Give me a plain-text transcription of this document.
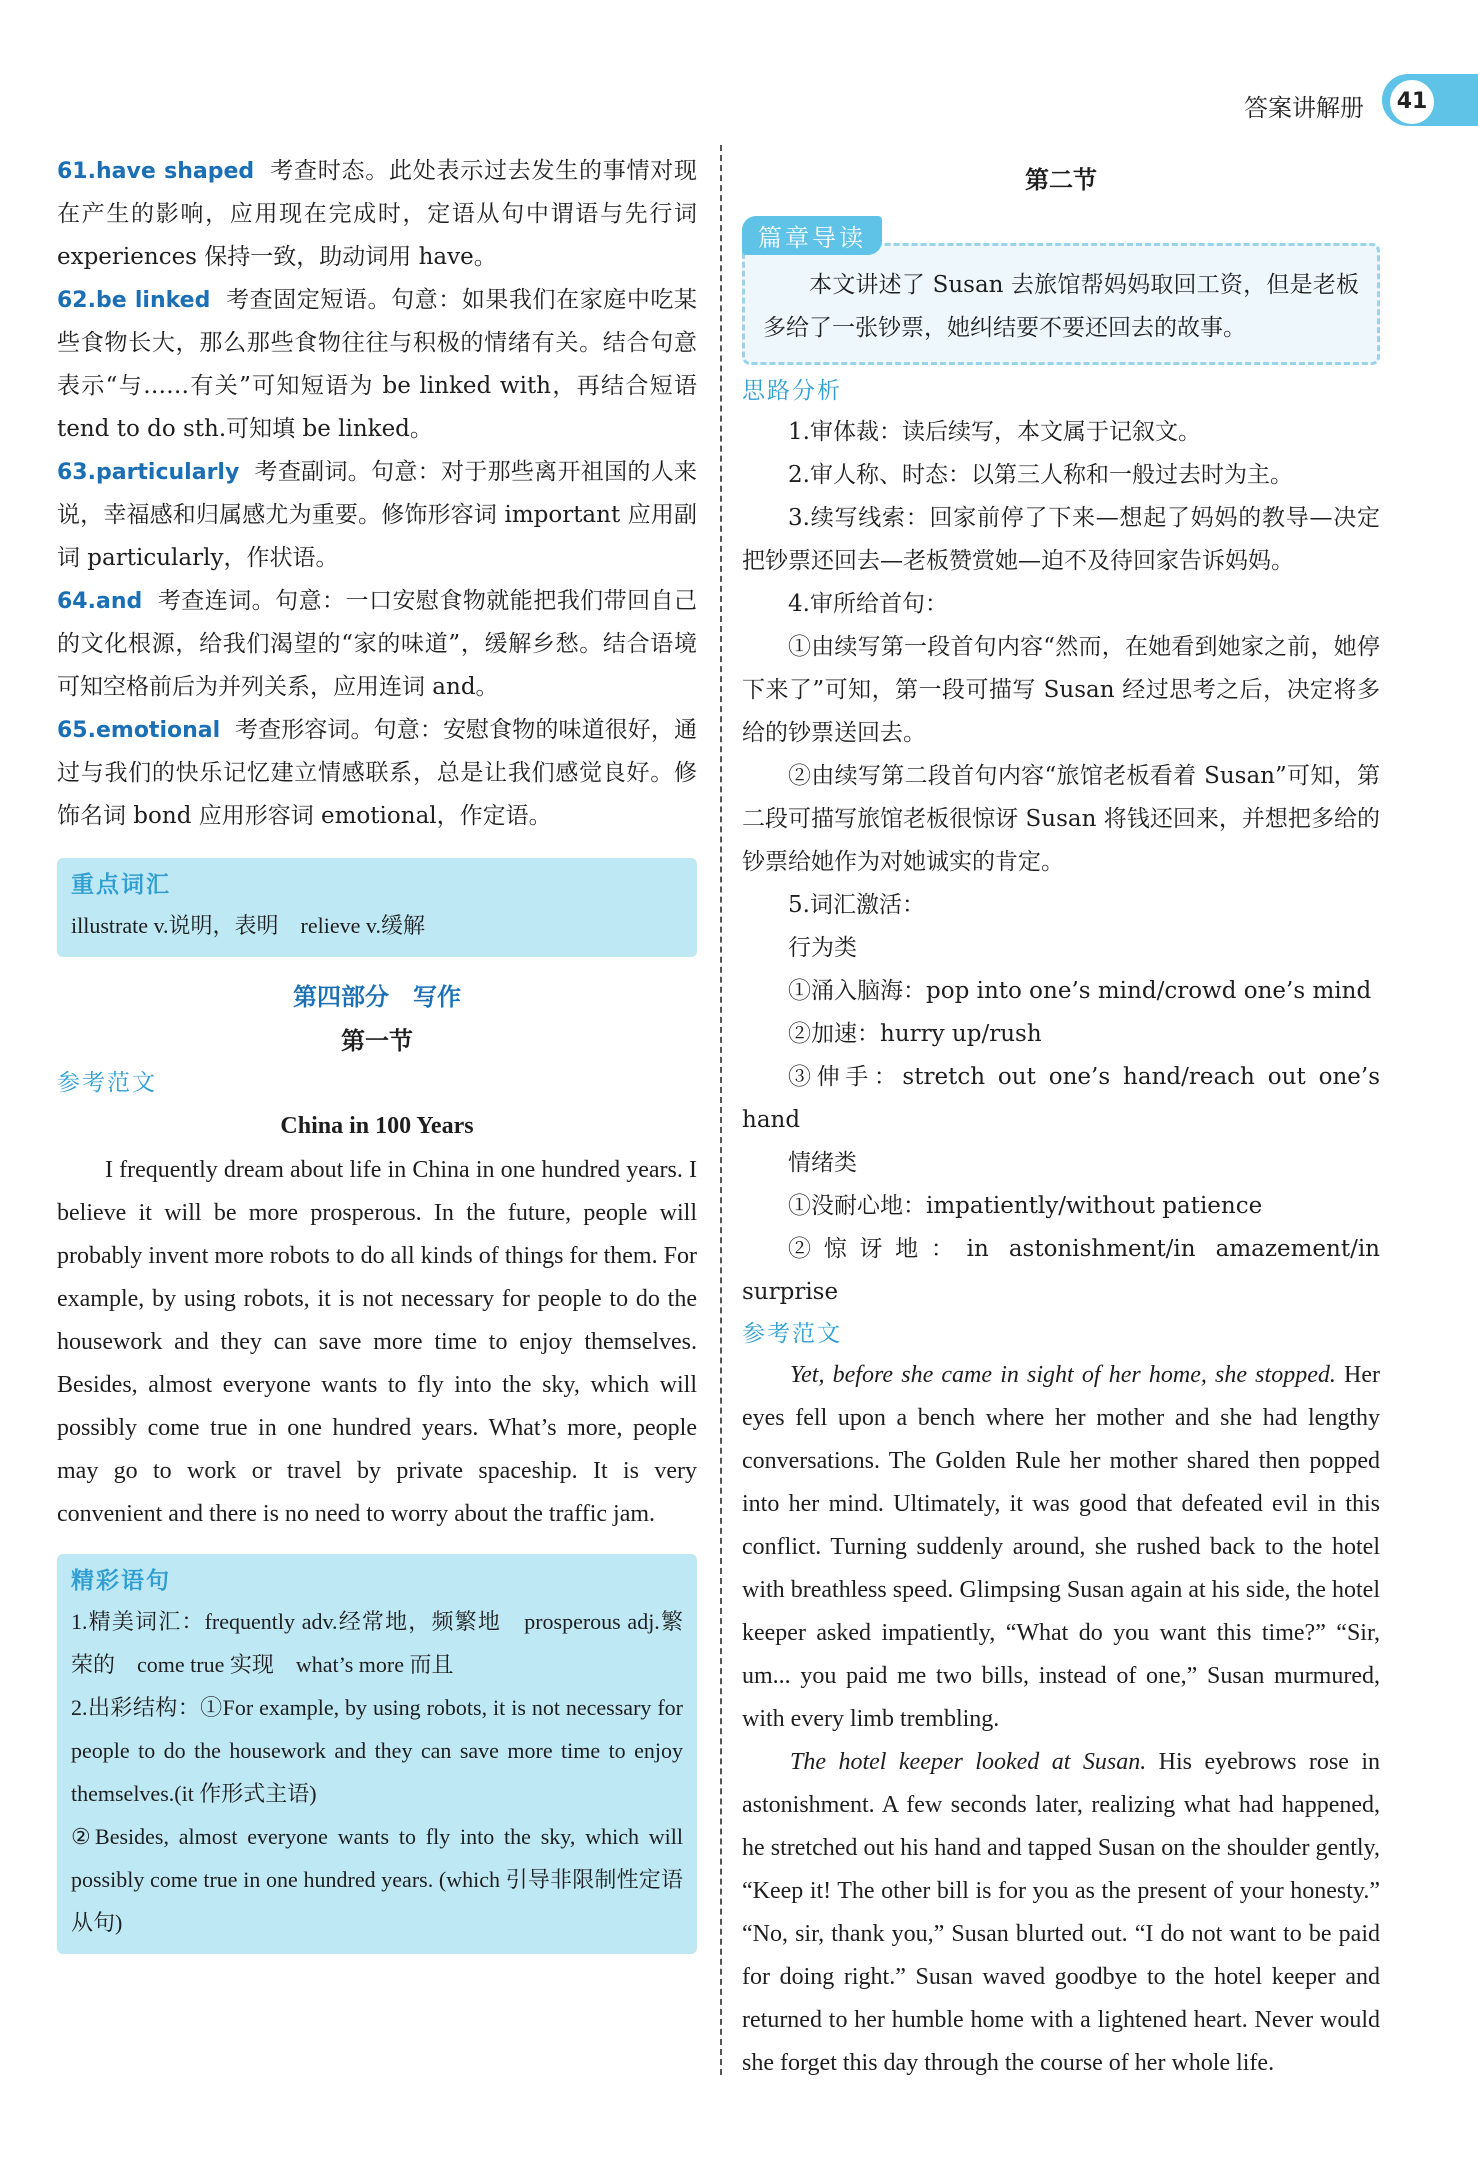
答案讲解册	41

61.have shaped 考查时态。此处表示过去发生的事情对现在产生的影响，应用现在完成时，定语从句中谓语与先行词 experiences 保持一致，助动词用 have。

62.be linked 考查固定短语。句意：如果我们在家庭中吃某些食物长大，那么那些食物往往与积极的情绪有关。结合句意表示“与……有关”可知短语为 be linked with，再结合短语 tend to do sth.可知填 be linked。

63.particularly 考查副词。句意：对于那些离开祖国的人来说，幸福感和归属感尤为重要。修饰形容词 important 应用副词 particularly，作状语。

64.and 考查连词。句意：一口安慰食物就能把我们带回自己的文化根源，给我们渴望的“家的味道”，缓解乡愁。结合语境可知空格前后为并列关系，应用连词 and。

65.emotional 考查形容词。句意：安慰食物的味道很好，通过与我们的快乐记忆建立情感联系，总是让我们感觉良好。修饰名词 bond 应用形容词 emotional，作定语。

重点词汇

illustrate v.说明，表明　relieve v.缓解

第四部分　写作
第一节
参考范文
China in 100 Years

I frequently dream about life in China in one hundred years. I believe it will be more prosperous. In the future, people will probably invent more robots to do all kinds of things for them. For example, by using robots, it is not necessary for people to do the housework and they can save more time to enjoy themselves. Besides, almost everyone wants to fly into the sky, which will possibly come true in one hundred years. What’s more, people may go to work or travel by private spaceship. It is very convenient and there is no need to worry about the traffic jam.

精彩语句

1.精美词汇：frequently adv.经常地，频繁地　prosperous adj.繁荣的　come true 实现　what’s more 而且

2.出彩结构：①For example, by using robots, it is not necessary for people to do the housework and they can save more time to enjoy themselves.(it 作形式主语)

②Besides, almost everyone wants to fly into the sky, which will possibly come true in one hundred years. (which 引导非限制性定语从句)

第二节
篇章导读

本文讲述了 Susan 去旅馆帮妈妈取回工资，但是老板多给了一张钞票，她纠结要不要还回去的故事。

思路分析

1.审体裁：读后续写，本文属于记叙文。

2.审人称、时态：以第三人称和一般过去时为主。

3.续写线索：回家前停了下来—想起了妈妈的教导—决定把钞票还回去—老板赞赏她—迫不及待回家告诉妈妈。

4.审所给首句：

①由续写第一段首句内容“然而，在她看到她家之前，她停下来了”可知，第一段可描写 Susan 经过思考之后，决定将多给的钞票送回去。

②由续写第二段首句内容“旅馆老板看着 Susan”可知，第二段可描写旅馆老板很惊讶 Susan 将钱还回来，并想把多给的钞票给她作为对她诚实的肯定。

5.词汇激活：

行为类

①涌入脑海：pop into one’s mind/crowd one’s mind

②加速：hurry up/rush

③伸手：stretch out one’s hand/reach out one’s hand

情绪类

①没耐心地：impatiently/without patience

②惊讶地：in astonishment/in amazement/in surprise

参考范文

Yet, before she came in sight of her home, she stopped. Her eyes fell upon a bench where her mother and she had lengthy conversations. The Golden Rule her mother shared then popped into her mind. Ultimately, it was good that defeated evil in this conflict. Turning suddenly around, she rushed back to the hotel with breathless speed. Glimpsing Susan again at his side, the hotel keeper asked impatiently, “What do you want this time?” “Sir, um... you paid me two bills, instead of one,” Susan murmured, with every limb trembling.

The hotel keeper looked at Susan. His eyebrows rose in astonishment. A few seconds later, realizing what had happened, he stretched out his hand and tapped Susan on the shoulder gently, “Keep it! The other bill is for you as the present of your honesty.” “No, sir, thank you,” Susan blurted out. “I do not want to be paid for doing right.” Susan waved goodbye to the hotel keeper and returned to her humble home with a lightened heart. Never would she forget this day through the course of her whole life.
